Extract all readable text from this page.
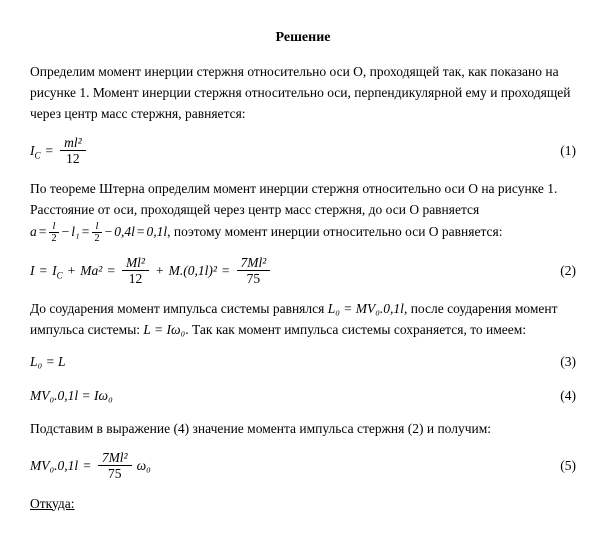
Решение

Определим момент инерции стержня относительно оси О, проходящей так, как показано на рисунке 1. Момент инерции стержня относительно оси, перпендикулярной ему и проходящей через центр масс стержня, равняется:

$I_C = \frac{\text{ml²}}{12}$	(1)

По теореме Штерна определим момент инерции стержня относительно оси О на рисунке 1. Расстояние от оси, проходящей через центр масс стержня, до оси О равняется $a = \frac{l}{2} - l_1 = \frac{l}{2} - 0,4l = 0,1l$, поэтому момент инерции относительно оси О равняется:

$I = I_C + Ma^2 = \frac{\text{Ml²}}{12} + M.(0,1l)^2 = \frac{\text{7Ml²}}{75}$	(2)

До соударения момент импульса системы равнялся L₀ = MV₀.0,1l, после соударения момент импульса системы: L = Iω₀. Так как момент импульса системы сохраняется, то имеем:

L₀ = L	(3)
MV₀.0,1l = Iω₀	(4)

Подставим в выражение (4) значение момента импульса стержня (2) и получим:

$MV_0.0,1l = \frac{\text{7Ml²}}{75} \omega_0$	(5)

Откуда:
